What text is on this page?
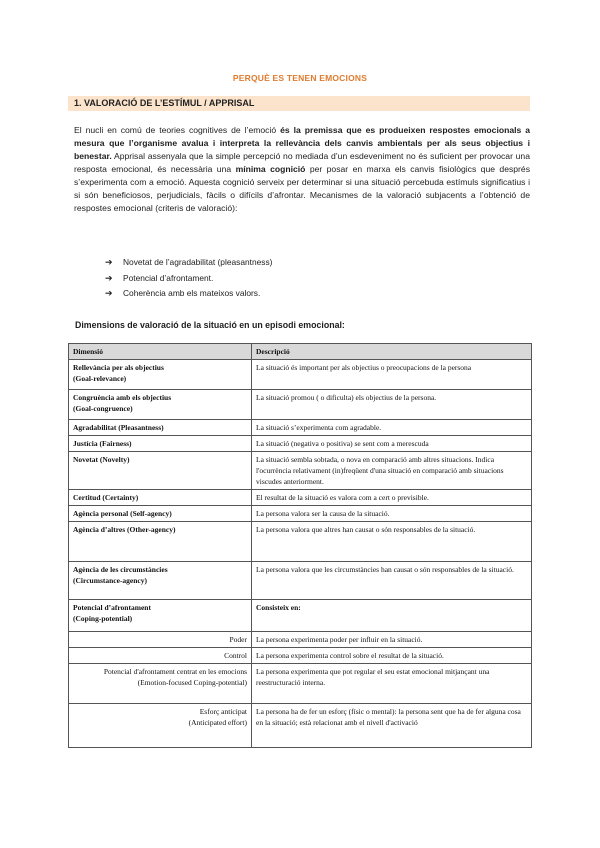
PERQUÈ ES TENEN EMOCIONS
1. VALORACIÓ DE L’ESTÍMUL / APPRISAL
El nucli en comú de teories cognitives de l’emoció és la premissa que es produeixen respostes emocionals a mesura que l’organisme avalua i interpreta la rellevància dels canvis ambientals per als seus objectius i benestar. Apprisal assenyala que la simple percepció no mediada d’un esdeveniment no és suficient per provocar una resposta emocional, és necessària una mínima cognició per posar en marxa els canvis fisiològics que després s’experimenta com a emoció. Aquesta cognició serveix per determinar si una situació percebuda estímuls significatius i si són beneficiosos, perjudicials, fàcils o difícils d’afrontar. Mecanismes de la valoració subjacents a l’obtenció de respostes emocional (criteris de valoració):
➔ Novetat de l’agradabilitat (pleasantness)
➔ Potencial d’afrontament.
➔ Coherència amb els mateixos valors.
Dimensions de valoració de la situació en un episodi emocional:
Dimensió	Descripció

Rellevància per als objectius
(Goal-relevance)	La situació és important per als objectius o preocupacions de la persona

Congruència amb els objectius
(Goal-congruence)	La situació promou ( o dificulta) els objectius de la persona.
Agradabilitat (Pleasantness)	La situació s’experimenta com agradable.
Justícia (Fairness)	La situació (negativa o positiva) se sent com a merescuda
Novetat (Novelty)	La situació sembla sobtada, o nova en comparació amb altres situacions. Indica l'ocurrència relativament (in)freqüent d'una situació en comparació amb situacions viscudes anteriorment.
Certitud (Certainty)	El resultat de la situació es valora com a cert o previsible.
Agència personal (Self-agency)	La persona valora ser la causa de la situació.
Agència d’altres (Other-agency)	La persona valora que altres han causat o són responsables de la situació.

Agència de les circumstàncies
(Circumstance-agency)	La persona valora que les circumstàncies han causat o són responsables de la situació.

Potencial d’afrontament
(Coping-potential)	Consisteix en:
Poder	La persona experimenta poder per influir en la situació.
Control	La persona experimenta control sobre el resultat de la situació.

Potencial d'afrontament centrat en les emocions
(Emotion-focused Coping-potential)	La persona experimenta que pot regular el seu estat emocional mitjançant una reestructuració interna.

Esforç anticipat
(Anticipated effort)	La persona ha de fer un esforç (físic o mental): la persona sent que ha de fer alguna cosa en la situació; està relacionat amb el nivell d'activació
